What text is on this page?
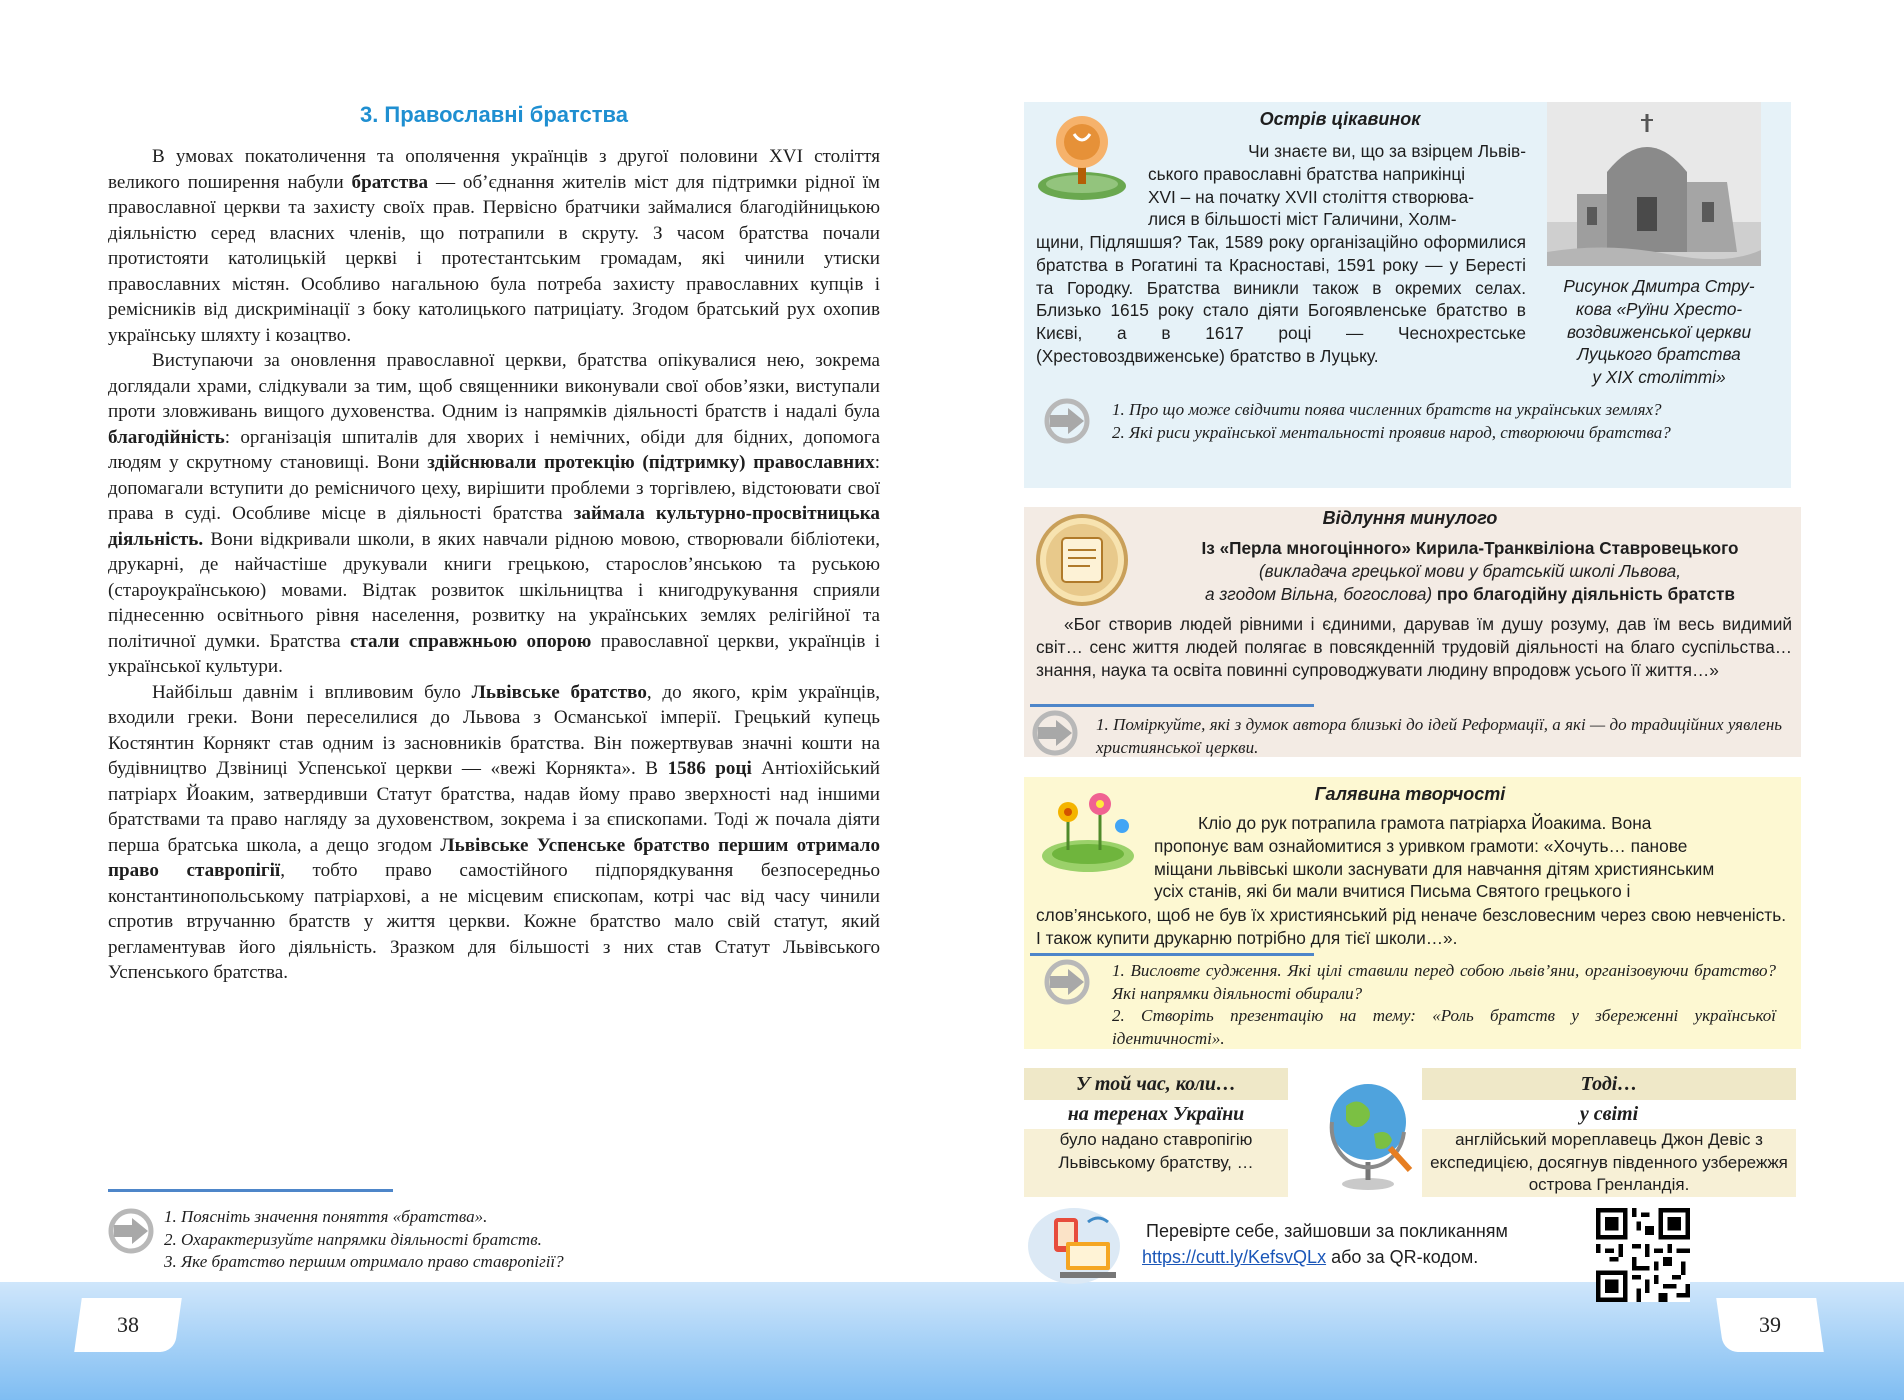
38	39
3. Православні братства

В умовах покатоличення та ополячення українців з другої половини XVI століття великого поширення набули братства — об’єднання жителів міст для підтримки рідної їм православної церкви та захисту своїх прав. Первісно братчики займалися благодійницькою діяльністю серед власних членів, що потрапили в скруту. З часом братства почали протистояти католицькій церкві і протестантським громадам, які чинили утиски православних містян. Особливо нагальною була потреба захисту православних купців і ремісників від дискримінації з боку католицького патриціату. Згодом братський рух охопив українську шляхту і козацтво.

Виступаючи за оновлення православної церкви, братства опікувалися нею, зокрема доглядали храми, слідкували за тим, щоб священники виконували свої обов’язки, виступали проти зловживань вищого духовенства. Одним із напрямків діяльності братств і надалі була благодійність: організація шпиталів для хворих і немічних, обіди для бідних, допомога людям у скрутному становищі. Вони здійснювали протекцію (підтримку) православних: допомагали вступити до ремісничого цеху, вирішити проблеми з торгівлею, відстоювати свої права в суді. Особливе місце в діяльності братства займала культурно-просвітницька діяльність. Вони відкривали школи, в яких навчали рідною мовою, створювали бібліотеки, друкарні, де найчастіше друкували книги грецькою, старослов’янською та руською (староукраїнською) мовами. Відтак розвиток шкільництва і книгодрукування сприяли піднесенню освітнього рівня населення, розвитку на українських землях релігійної та політичної думки. Братства стали справжньою опорою православної церкви, українців і української культури.

Найбільш давнім і впливовим було Львівське братство, до якого, крім українців, входили греки. Вони переселилися до Львова з Османської імперії. Грецький купець Костянтин Корнякт став одним із засновників братства. Він пожертвував значні кошти на будівництво Дзвіниці Успенської церкви — «вежі Корнякта». В 1586 році Антіохійський патріарх Йоаким, затвердивши Статут братства, надав йому право зверхності над іншими братствами та право нагляду за духовенством, зокрема і за єпископами. Тоді ж почала діяти перша братська школа, а дещо згодом Львівське Успенське братство першим отримало право ставропігії, тобто право самостійного підпорядкування безпосередньо константинопольському патріархові, а не місцевим єпископам, котрі час від часу чинили спротив втручанню братств у життя церкви. Кожне братство мало свій статут, який регламентував його діяльність. Зразком для більшості з них став Статут Львівського Успенського братства.

1. Поясніть значення поняття «братства».
2. Охарактеризуйте напрямки діяльності братств.
3. Яке братство першим отримало право ставропігії?
Острів цікавинок
Чи знаєте ви, що за взірцем Львів-
ського православні братства наприкінці
XVI – на початку XVII століття створюва-
лися в більшості міст Галичини, Холм-
щини, Підляшшя? Так, 1589 року організаційно оформилися братства в Рогатині та Красноставі, 1591 року — у Бересті та Городку. Братства виникли також в окремих селах. Близько 1615 року стало діяти Богоявленське братство в Києві, а в 1617 році — Чеснохрестське (Хрестовоздвиженське) братство в Луцьку.
Рисунок Дмитра Стру-
кова «Руїни Хресто-
воздвиженської церкви
Луцького братства
у XIX столітті»
1. Про що може свідчити поява численних братств на українських землях?
2. Які риси української ментальності проявив народ, створюючи братства?
Відлуння минулого
Із «Перла многоцінного» Кирила-Транквіліона Ставровецького
(викладача грецької мови у братській школі Львова,
а згодом Вільна, богослова) про благодійну діяльність братств
«Бог створив людей рівними і єдиними, дарував їм душу розуму, дав їм весь видимий світ… сенс життя людей полягає в повсякденній трудовій діяльності на благо суспільства… знання, наука та освіта повинні супроводжувати людину впродовж усього її життя…»
1. Поміркуйте, які з думок автора близькі до ідей Реформації, а які — до традиційних уявлень християнської церкви.
Галявина творчості
Кліо до рук потрапила грамота патріарха Йоакима. Вона
пропонує вам ознайомитися з уривком грамоти: «Хочуть… панове
міщани львівські школи заснувати для навчання дітям християнським
усіх станів, які би мали вчитися Письма Святого грецького і
слов’янського, щоб не був їх християнський рід неначе безсловесним через свою невченість. І також купити друкарню потрібно для тієї школи…».
1. Висловте судження. Які цілі ставили перед собою львів’яни, організовуючи братство? Які напрямки діяльності обирали?
2. Створіть презентацію на тему: «Роль братств у збереженні української ідентичності».
У той час, коли…
на теренах України
було надано ставропігію Львівському братству, …
Тоді…
у світі
англійський мореплавець Джон Девіс з експедицією, досягнув південного узбережжя острова Гренландія.
Перевірте себе, зайшовши за покликанням
https://cutt.ly/KefsvQLx або за QR-кодом.
